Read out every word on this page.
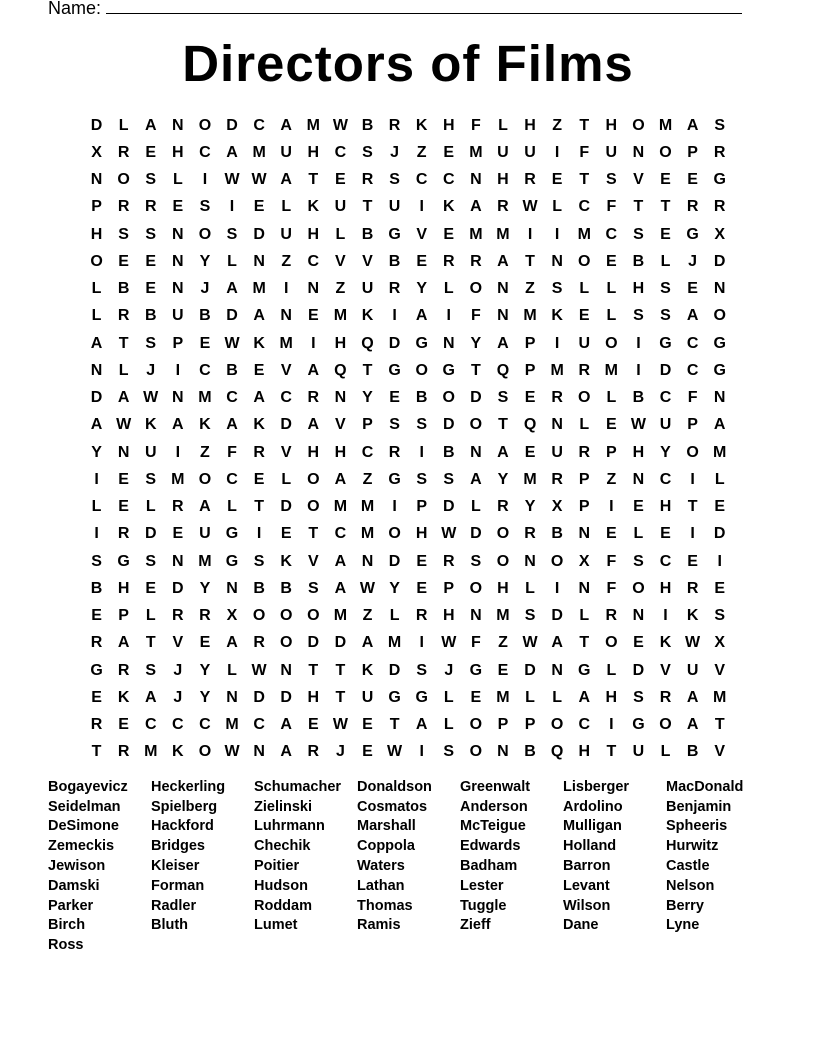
Name:
Directors of Films
D	L	A N O D C A M W B R K H	F	L	H	Z	T	H O M A S
X R E H C A M U H C S	J	Z	E M U U	I	F	U N O P R
N O S	L	I	W W A	T	E R S C C N H R E	T	S	V	E	E G
P R R E	S	I	E	L	K U	T	U	I	K A R W L	C	F	T	T	R R
H S	S N O S D U H	L	B G V	E M M	I	I	M C S	E G X
O E	E N Y	L	N	Z	C V	V B E R R A	T	N O E B	L	J	D
L	B E N	J	A M	I	N	Z	U R Y	L O N	Z	S	L	L	H S	E N
L	R B U B D A N E M K	I	A	I	F	N M K E	L	S	S A O
A	T	S	P	E W K M	I	H Q D G N Y A P	I	U O	I	G C G
N	L	J	I	C B E	V A Q T G O G T Q P M R M	I	D C G
D A W N M C A C R N Y	E B O D S	E R O L	B C	F	N
A W K A K A K D A V	P	S	S D O T Q N	L	E W U P A
Y N U	I	Z	F	R V H H C R	I	B N A E U R P H Y O M
I	E	S M O C E	L O A	Z G S	S A Y M R P	Z	N C	I	L
L	E	L	R A	L	T	D O M M	I	P D	L	R Y	X	P	I	E H	T	E
I	R D E U G	I	E	T	C M O H W D O R B N E	L	E	I	D
S G S N M G S K V A N D E R S O N O X	F	S C E	I
B H E D Y N B B S A W Y	E	P O H	L	I	N	F O H R E
E	P	L	R R X O O O M Z	L	R H N M S D	L	R N	I	K S
R A	T	V	E A R O D D A M	I	W F	Z W A	T O E K W X
G R S	J	Y	L W N	T	T	K D S	J	G E D N G L	D V U V
E K A	J	Y N D D H	T	U G G L	E M L	L	A H S R A M
R E C C C M C A E W E	T	A	L O P	P O C	I	G O A	T
T	R M K O W N A R	J	E W	I	S O N B Q H	T	U	L	B V
Bogayevicz	Heckerling	Schumacher	Donaldson	Greenwalt	Lisberger	MacDonald
Seidelman	Spielberg	Zielinski	Cosmatos	Anderson	Ardolino	Benjamin
DeSimone	Hackford	Luhrmann	Marshall	McTeigue	Mulligan	Spheeris
Zemeckis	Bridges	Chechik	Coppola	Edwards	Holland	Hurwitz
Jewison	Kleiser	Poitier	Waters	Badham	Barron	Castle
Damski	Forman	Hudson	Lathan	Lester	Levant	Nelson
Parker	Radler	Roddam	Thomas	Tuggle	Wilson	Berry
Birch	Bluth	Lumet	Ramis	Zieff	Dane	Lyne
Ross
